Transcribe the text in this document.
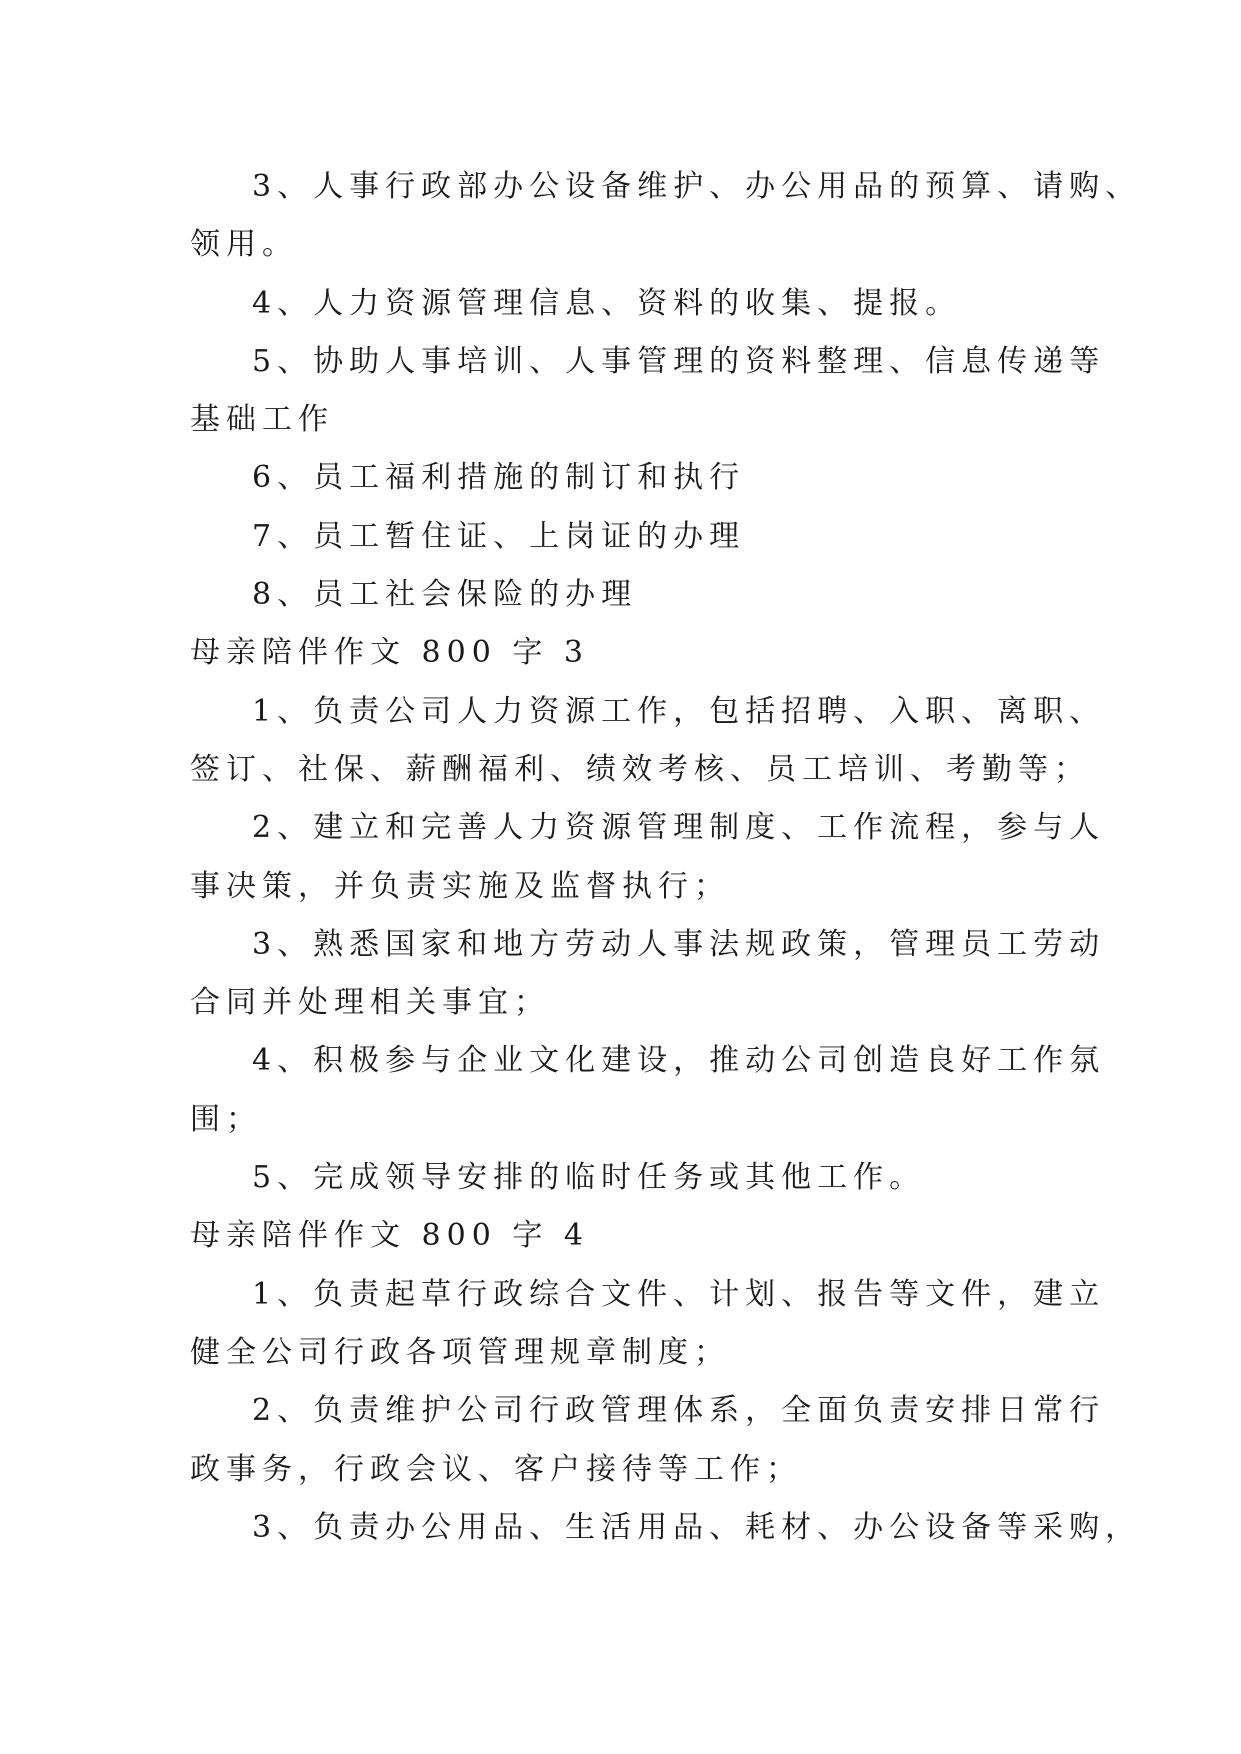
3、人事行政部办公设备维护、办公用品的预算、请购、
领用。
4、人力资源管理信息、资料的收集、提报。
5、协助人事培训、人事管理的资料整理、信息传递等
基础工作
6、员工福利措施的制订和执行
7、员工暂住证、上岗证的办理
8、员工社会保险的办理
母亲陪伴作文 800 字 3
1、负责公司人力资源工作，包括招聘、入职、离职、
签订、社保、薪酬福利、绩效考核、员工培训、考勤等；
2、建立和完善人力资源管理制度、工作流程，参与人
事决策，并负责实施及监督执行；
3、熟悉国家和地方劳动人事法规政策，管理员工劳动
合同并处理相关事宜；
4、积极参与企业文化建设，推动公司创造良好工作氛
围；
5、完成领导安排的临时任务或其他工作。
母亲陪伴作文 800 字 4
1、负责起草行政综合文件、计划、报告等文件，建立
健全公司行政各项管理规章制度；
2、负责维护公司行政管理体系，全面负责安排日常行
政事务，行政会议、客户接待等工作；
3、负责办公用品、生活用品、耗材、办公设备等采购，
